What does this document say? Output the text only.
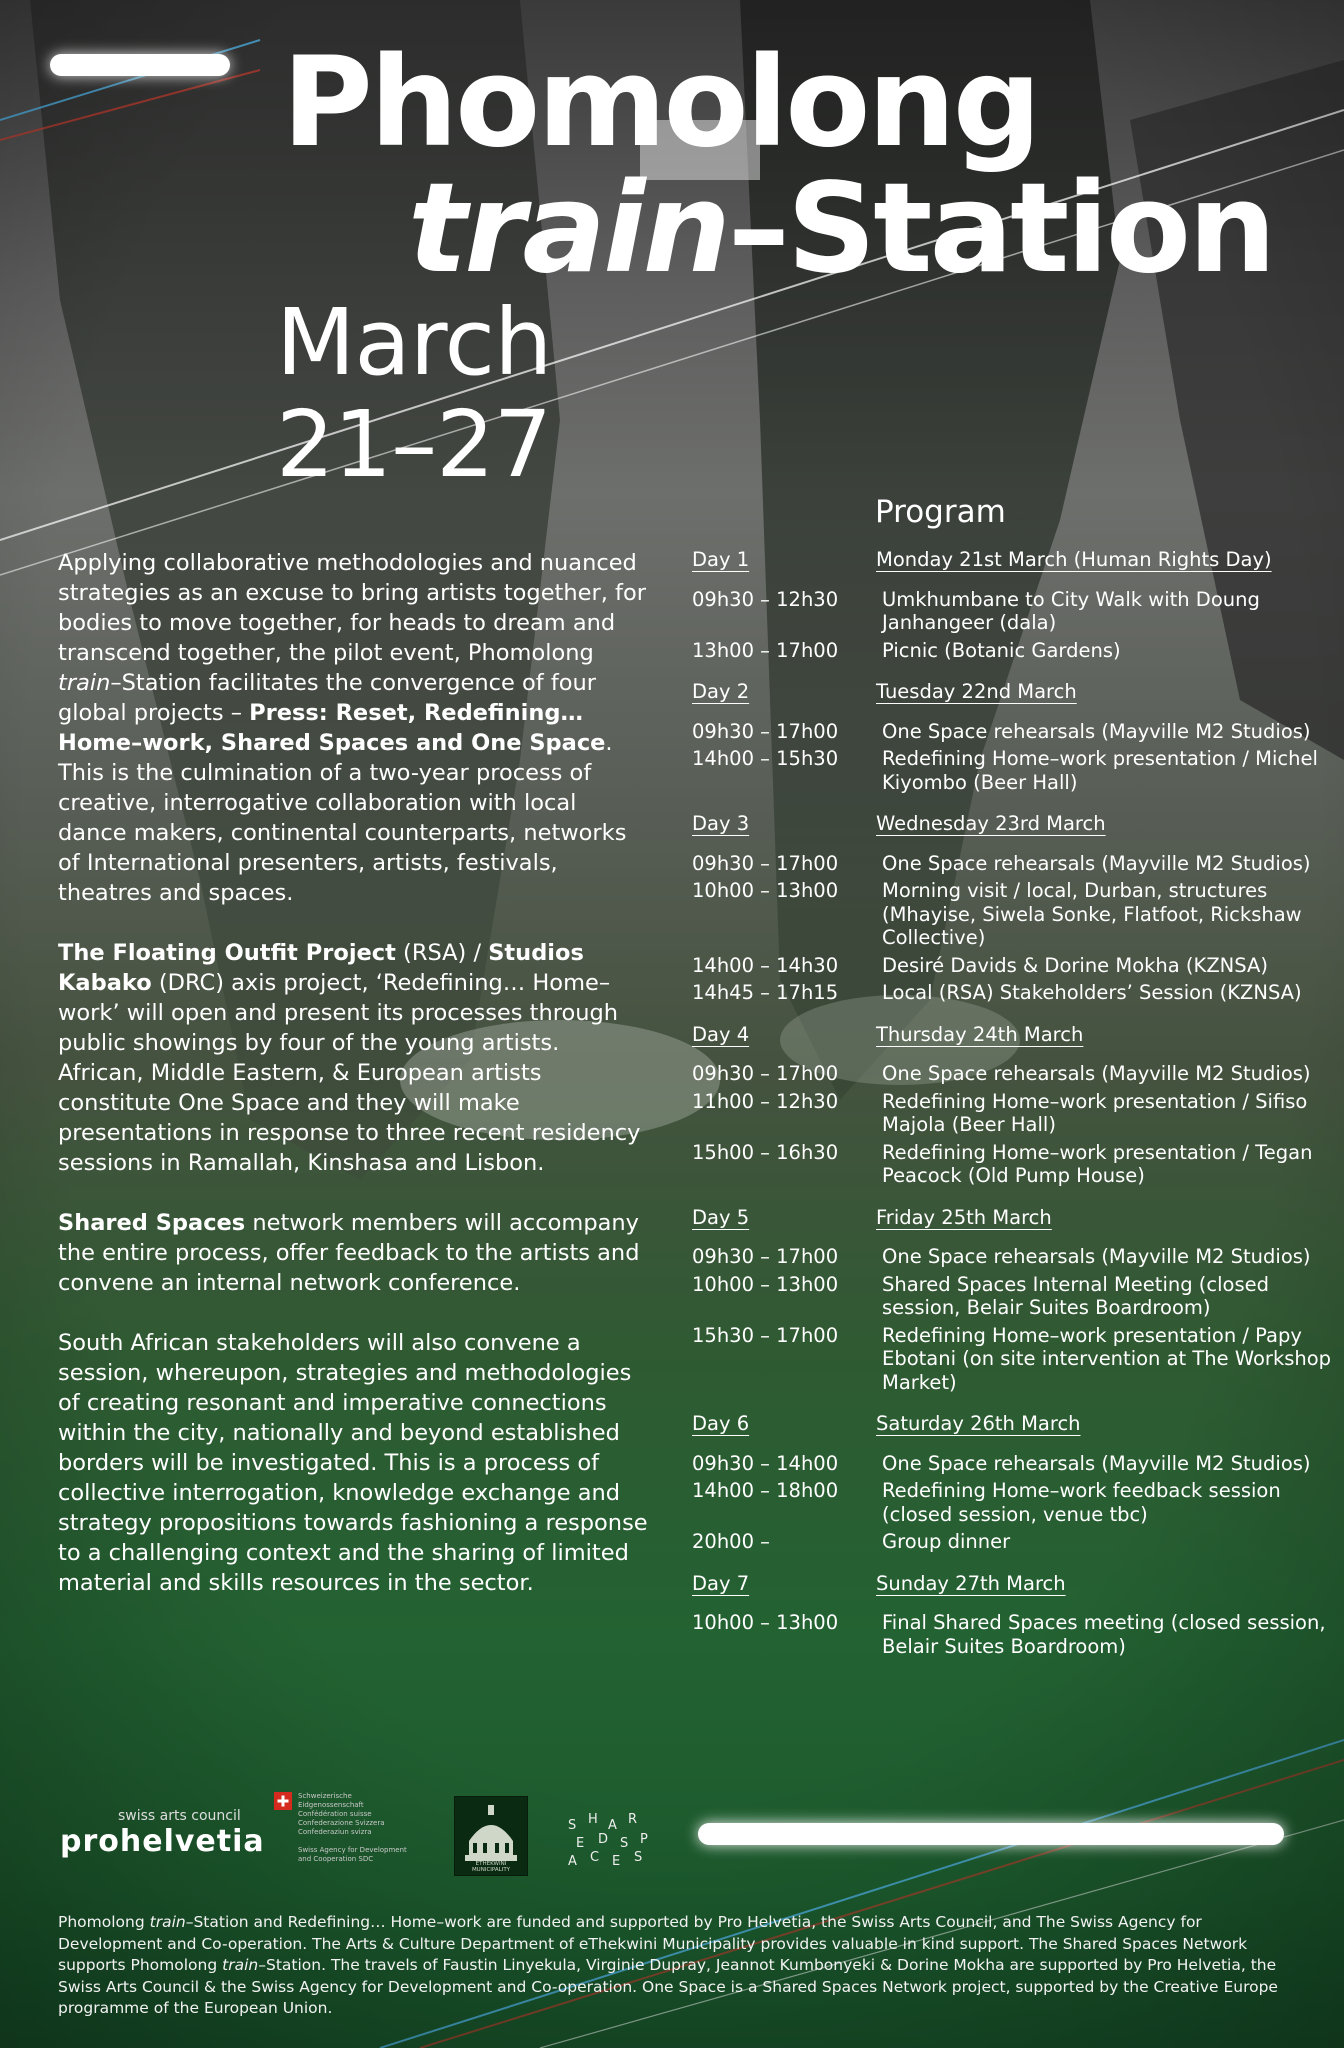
Phomolong
train–Station
March
21–27

Applying collaborative methodologies and nuanced strategies as an excuse to bring artists together, for bodies to move together, for heads to dream and transcend together, the pilot event, Phomolong train–Station facilitates the convergence of four global projects – Press: Reset, Redefining…Home–work, Shared Spaces and One Space.

This is the culmination of a two-year process of creative, interrogative collaboration with local dance makers, continental counterparts, networks of International presenters, artists, festivals, theatres and spaces.

The Floating Outfit Project (RSA) / Studios Kabako (DRC) axis project, ‘Redefining… Home–work’ will open and present its processes through public showings by four of the young artists. African, Middle Eastern, & European artists constitute One Space and they will make presentations in response to three recent residency sessions in Ramallah, Kinshasa and Lisbon.

Shared Spaces network members will accompany the entire process, offer feedback to the artists and convene an internal network conference.

South African stakeholders will also convene a session, whereupon, strategies and methodologies of creating resonant and imperative connections within the city, nationally and beyond established borders will be investigated. This is a process of collective interrogation, knowledge exchange and strategy propositions towards fashioning a response to a challenging context and the sharing of limited material and skills resources in the sector.

Program
Day 1	Monday 21st March (Human Rights Day)
09h30 – 12h30	Umkhumbane to City Walk with Doung Janhangeer (dala)
13h00 – 17h00	Picnic (Botanic Gardens)
Day 2	Tuesday 22nd March
09h30 – 17h00	One Space rehearsals (Mayville M2 Studios)
14h00 – 15h30	Redefining Home–work presentation / Michel Kiyombo (Beer Hall)
Day 3	Wednesday 23rd March
09h30 – 17h00	One Space rehearsals (Mayville M2 Studios)
10h00 – 13h00	Morning visit / local, Durban, structures (Mhayise, Siwela Sonke, Flatfoot, Rickshaw Collective)
14h00 – 14h30	Desiré Davids & Dorine Mokha (KZNSA)
14h45 – 17h15	Local (RSA) Stakeholders’ Session (KZNSA)
Day 4	Thursday 24th March
09h30 – 17h00	One Space rehearsals (Mayville M2 Studios)
11h00 – 12h30	Redefining Home–work presentation / Sifiso Majola (Beer Hall)
15h00 – 16h30	Redefining Home–work presentation / Tegan Peacock (Old Pump House)
Day 5	Friday 25th March
09h30 – 17h00	One Space rehearsals (Mayville M2 Studios)
10h00 – 13h00	Shared Spaces Internal Meeting (closed session, Belair Suites Boardroom)
15h30 – 17h00	Redefining Home–work presentation / Papy Ebotani (on site intervention at The Workshop Market)
Day 6	Saturday 26th March
09h30 – 14h00	One Space rehearsals (Mayville M2 Studios)
14h00 – 18h00	Redefining Home–work feedback session (closed session, venue tbc)
20h00 –	Group dinner
Day 7	Sunday 27th March
10h00 – 13h00	Final Shared Spaces meeting (closed session, Belair Suites Boardroom)
swiss arts council
prohelvetia
Schweizerische Eidgenossenschaft
Confédération suisse
Confederazione Svizzera
Confederaziun svizra

Swiss Agency for Development
and Cooperation SDC
ETHEKWINI MUNICIPALITY
S H A R
E D S P
A C E S
Phomolong train–Station and Redefining… Home–work are funded and supported by Pro Helvetia, the Swiss Arts Council, and The Swiss Agency for Development and Co-operation. The Arts & Culture Department of eThekwini Municipality provides valuable in kind support. The Shared Spaces Network supports Phomolong train–Station. The travels of Faustin Linyekula, Virginie Dupray, Jeannot Kumbonyeki & Dorine Mokha are supported by Pro Helvetia, the Swiss Arts Council & the Swiss Agency for Development and Co-operation. One Space is a Shared Spaces Network project, supported by the Creative Europe programme of the European Union.
